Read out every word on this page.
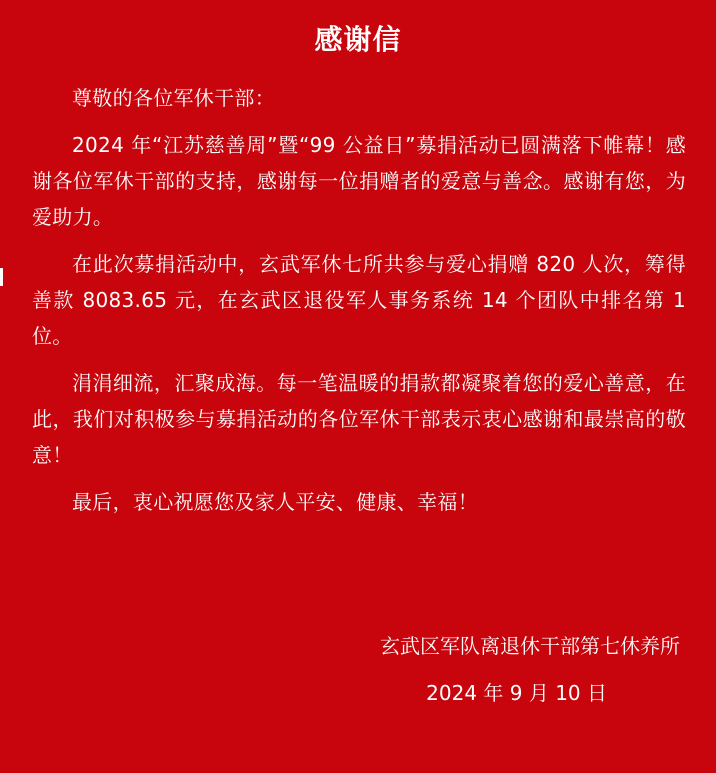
感谢信

尊敬的各位军休干部：

2024 年“江苏慈善周”暨“99 公益日”募捐活动已圆满落下帷幕！感谢各位军休干部的支持，感谢每一位捐赠者的爱意与善念。感谢有您，为爱助力。

在此次募捐活动中，玄武军休七所共参与爱心捐赠 820 人次，筹得善款 8083.65 元，在玄武区退役军人事务系统 14 个团队中排名第 1 位。

涓涓细流，汇聚成海。每一笔温暖的捐款都凝聚着您的爱心善意，在此，我们对积极参与募捐活动的各位军休干部表示衷心感谢和最崇高的敬意！

最后，衷心祝愿您及家人平安、健康、幸福！

玄武区军队离退休干部第七休养所
2024 年 9 月 10 日
